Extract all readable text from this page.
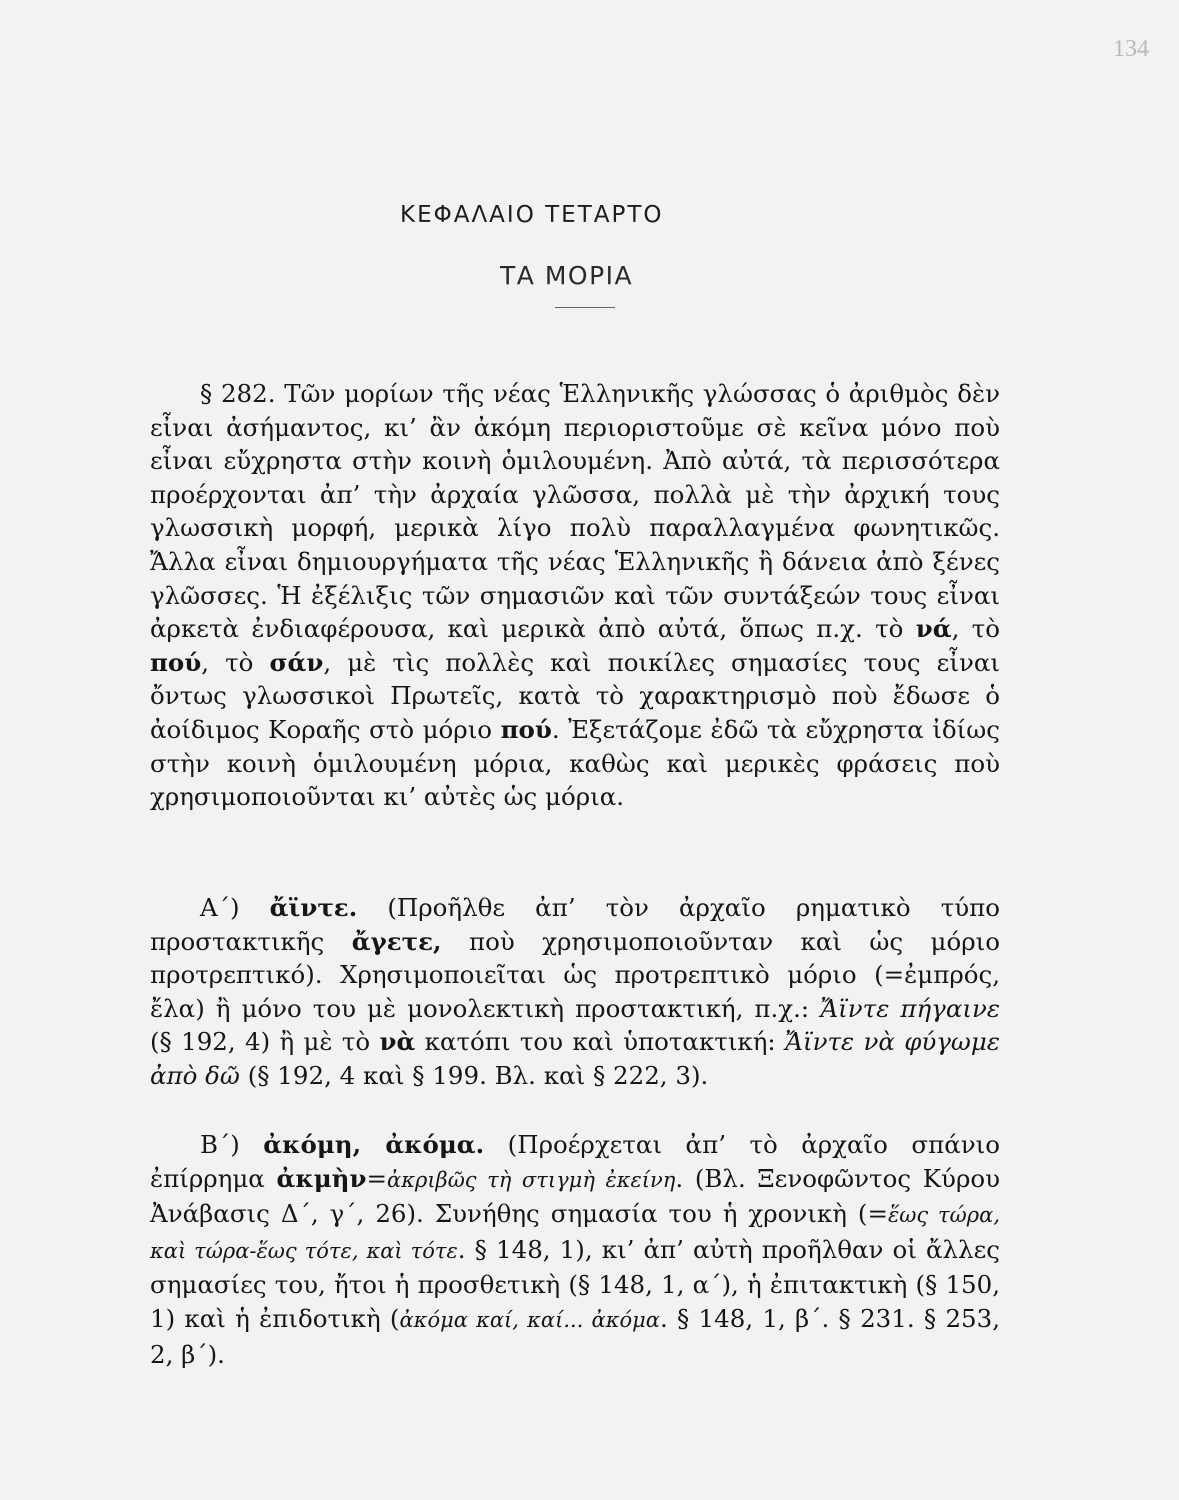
134
ΚΕΦΑΛΑΙΟ ΤΕΤΑΡΤΟ
ΤΑ ΜΟΡΙΑ

§ 282. Τῶν μορίων τῆς νέας Ἑλληνικῆς γλώσσας ὁ ἀριθμὸς δὲν εἶναι ἀσήμαντος, κι’ ἂν ἀκόμη περιοριστοῦμε σὲ κεῖνα μόνο ποὺ εἶναι εὔχρηστα στὴν κοινὴ ὁμιλουμένη. Ἀπὸ αὐτά, τὰ περισσότερα προέρχονται ἀπ’ τὴν ἀρχαία γλῶσσα, πολλὰ μὲ τὴν ἀρχική τους γλωσσικὴ μορφή, μερικὰ λίγο πολὺ παραλλαγμένα φωνητικῶς. Ἄλλα εἶναι δημιουργήματα τῆς νέας Ἑλληνικῆς ἢ δάνεια ἀπὸ ξένες γλῶσσες. Ἡ ἐξέλιξις τῶν σημασιῶν καὶ τῶν συντάξεών τους εἶναι ἀρκετὰ ἐνδιαφέρουσα, καὶ μερικὰ ἀπὸ αὐτά, ὅπως π.χ. τὸ νά, τὸ πού, τὸ σάν, μὲ τὶς πολλὲς καὶ ποικίλες σημασίες τους εἶναι ὄντως γλωσσικοὶ Πρωτεῖς, κατὰ τὸ χαρακτηρισμὸ ποὺ ἔδωσε ὁ ἀοίδιμος Κοραῆς στὸ μόριο πού. Ἐξετάζομε ἐδῶ τὰ εὔχρηστα ἰδίως στὴν κοινὴ ὁμιλουμένη μόρια, καθὼς καὶ μερικὲς φράσεις ποὺ χρησιμοποιοῦνται κι’ αὐτὲς ὡς μόρια.

Α΄) ἄϊντε. (Προῆλθε ἀπ’ τὸν ἀρχαῖο ρηματικὸ τύπο προστακτικῆς ἄγετε, ποὺ χρησιμοποιοῦνταν καὶ ὡς μόριο προτρεπτικό). Χρησιμοποιεῖται ὡς προτρεπτικὸ μόριο (=ἐμπρός, ἔλα) ἢ μόνο του μὲ μονολεκτικὴ προστακτική, π.χ.: Ἄϊντε πήγαινε (§ 192, 4) ἢ μὲ τὸ νὰ κατόπι του καὶ ὑποτακτική: Ἄϊντε νὰ φύγωμε ἀπὸ δῶ (§ 192, 4 καὶ § 199. Βλ. καὶ § 222, 3).

Β΄) ἀκόμη, ἀκόμα. (Προέρχεται ἀπ’ τὸ ἀρχαῖο σπάνιο ἐπίρρημα ἀκμὴν=ἀκριβῶς τὴ στιγμὴ ἐκείνη. (Βλ. Ξενοφῶντος Κύρου Ἀνάβασις Δ΄, γ΄, 26). Συνήθης σημασία του ἡ χρονικὴ (=ἕως τώρα, καὶ τώρα-ἕως τότε, καὶ τότε. § 148, 1), κι’ ἀπ’ αὐτὴ προῆλθαν οἱ ἄλλες σημασίες του, ἤτοι ἡ προσθετικὴ (§ 148, 1, α΄), ἡ ἐπιτακτικὴ (§ 150, 1) καὶ ἡ ἐπιδοτικὴ (ἀκόμα καί, καί... ἀκόμα. § 148, 1, β΄. § 231. § 253, 2, β΄).
